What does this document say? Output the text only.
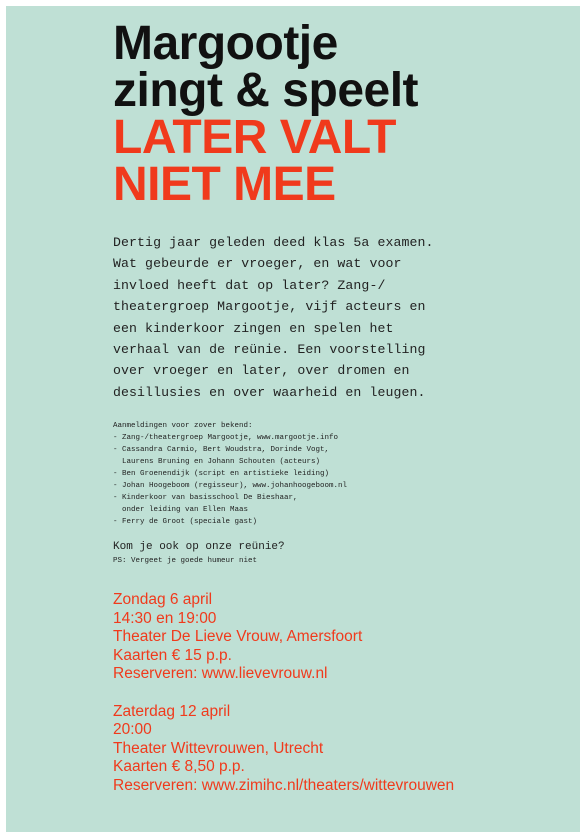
Margootje
zingt & speelt
LATER VALT
NIET MEE
Dertig jaar geleden deed klas 5a examen.
Wat gebeurde er vroeger, en wat voor
invloed heeft dat op later? Zang-/
theatergroep Margootje, vijf acteurs en
een kinderkoor zingen en spelen het
verhaal van de reünie. Een voorstelling
over vroeger en later, over dromen en
desillusies en over waarheid en leugen.
Aanmeldingen voor zover bekend:
- Zang-/theatergroep Margootje, www.margootje.info
- Cassandra Carmio, Bert Woudstra, Dorinde Vogt,
Laurens Bruning en Johann Schouten (acteurs)
- Ben Groenendijk (script en artistieke leiding)
- Johan Hoogeboom (regisseur), www.johanhoogeboom.nl
- Kinderkoor van basisschool De Bieshaar,
onder leiding van Ellen Maas
- Ferry de Groot (speciale gast)
Kom je ook op onze reünie?
PS: Vergeet je goede humeur niet
Zondag 6 april
14:30 en 19:00
Theater De Lieve Vrouw, Amersfoort
Kaarten € 15 p.p.
Reserveren: www.lievevrouw.nl
Zaterdag 12 april
20:00
Theater Wittevrouwen, Utrecht
Kaarten € 8,50 p.p.
Reserveren: www.zimihc.nl/theaters/wittevrouwen
